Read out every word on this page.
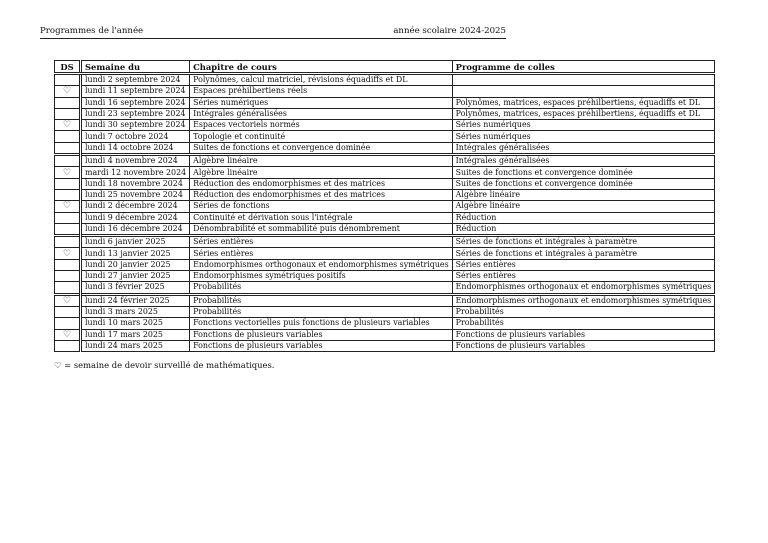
Programmes de l'année	année scolaire 2024-2025
DS	Semaine du	Chapitre de cours	Programme de colles
	lundi 2 septembre 2024	Polynômes, calcul matriciel, révisions équadiffs et DL	
♡	lundi 11 septembre 2024	Espaces préhilbertiens réels	
	lundi 16 septembre 2024	Séries numériques	Polynômes, matrices, espaces préhilbertiens, équadiffs et DL
	lundi 23 septembre 2024	Intégrales généralisées	Polynômes, matrices, espaces préhilbertiens, équadiffs et DL
♡	lundi 30 septembre 2024	Espaces vectoriels normés	Séries numériques
	lundi 7 octobre 2024	Topologie et continuité	Séries numériques
	lundi 14 octobre 2024	Suites de fonctions et convergence dominée	Intégrales généralisées
	lundi 4 novembre 2024	Algèbre linéaire	Intégrales généralisées
♡	mardi 12 novembre 2024	Algèbre linéaire	Suites de fonctions et convergence dominée
	lundi 18 novembre 2024	Réduction des endomorphismes et des matrices	Suites de fonctions et convergence dominée
	lundi 25 novembre 2024	Réduction des endomorphismes et des matrices	Algèbre linéaire
♡	lundi 2 décembre 2024	Séries de fonctions	Algèbre linéaire
	lundi 9 décembre 2024	Continuité et dérivation sous l'intégrale	Réduction
	lundi 16 décembre 2024	Dénombrabilité et sommabilité puis dénombrement	Réduction
	lundi 6 janvier 2025	Séries entières	Séries de fonctions et intégrales à paramètre
♡	lundi 13 janvier 2025	Séries entières	Séries de fonctions et intégrales à paramètre
	lundi 20 janvier 2025	Endomorphismes orthogonaux et endomorphismes symétriques	Séries entières
	lundi 27 janvier 2025	Endomorphismes symétriques positifs	Séries entières
	lundi 3 février 2025	Probabilités	Endomorphismes orthogonaux et endomorphismes symétriques
♡	lundi 24 février 2025	Probabilités	Endomorphismes orthogonaux et endomorphismes symétriques
	lundi 3 mars 2025	Probabilités	Probabilités
	lundi 10 mars 2025	Fonctions vectorielles puis fonctions de plusieurs variables	Probabilités
♡	lundi 17 mars 2025	Fonctions de plusieurs variables	Fonctions de plusieurs variables
	lundi 24 mars 2025	Fonctions de plusieurs variables	Fonctions de plusieurs variables
♡ = semaine de devoir surveillé de mathématiques.
